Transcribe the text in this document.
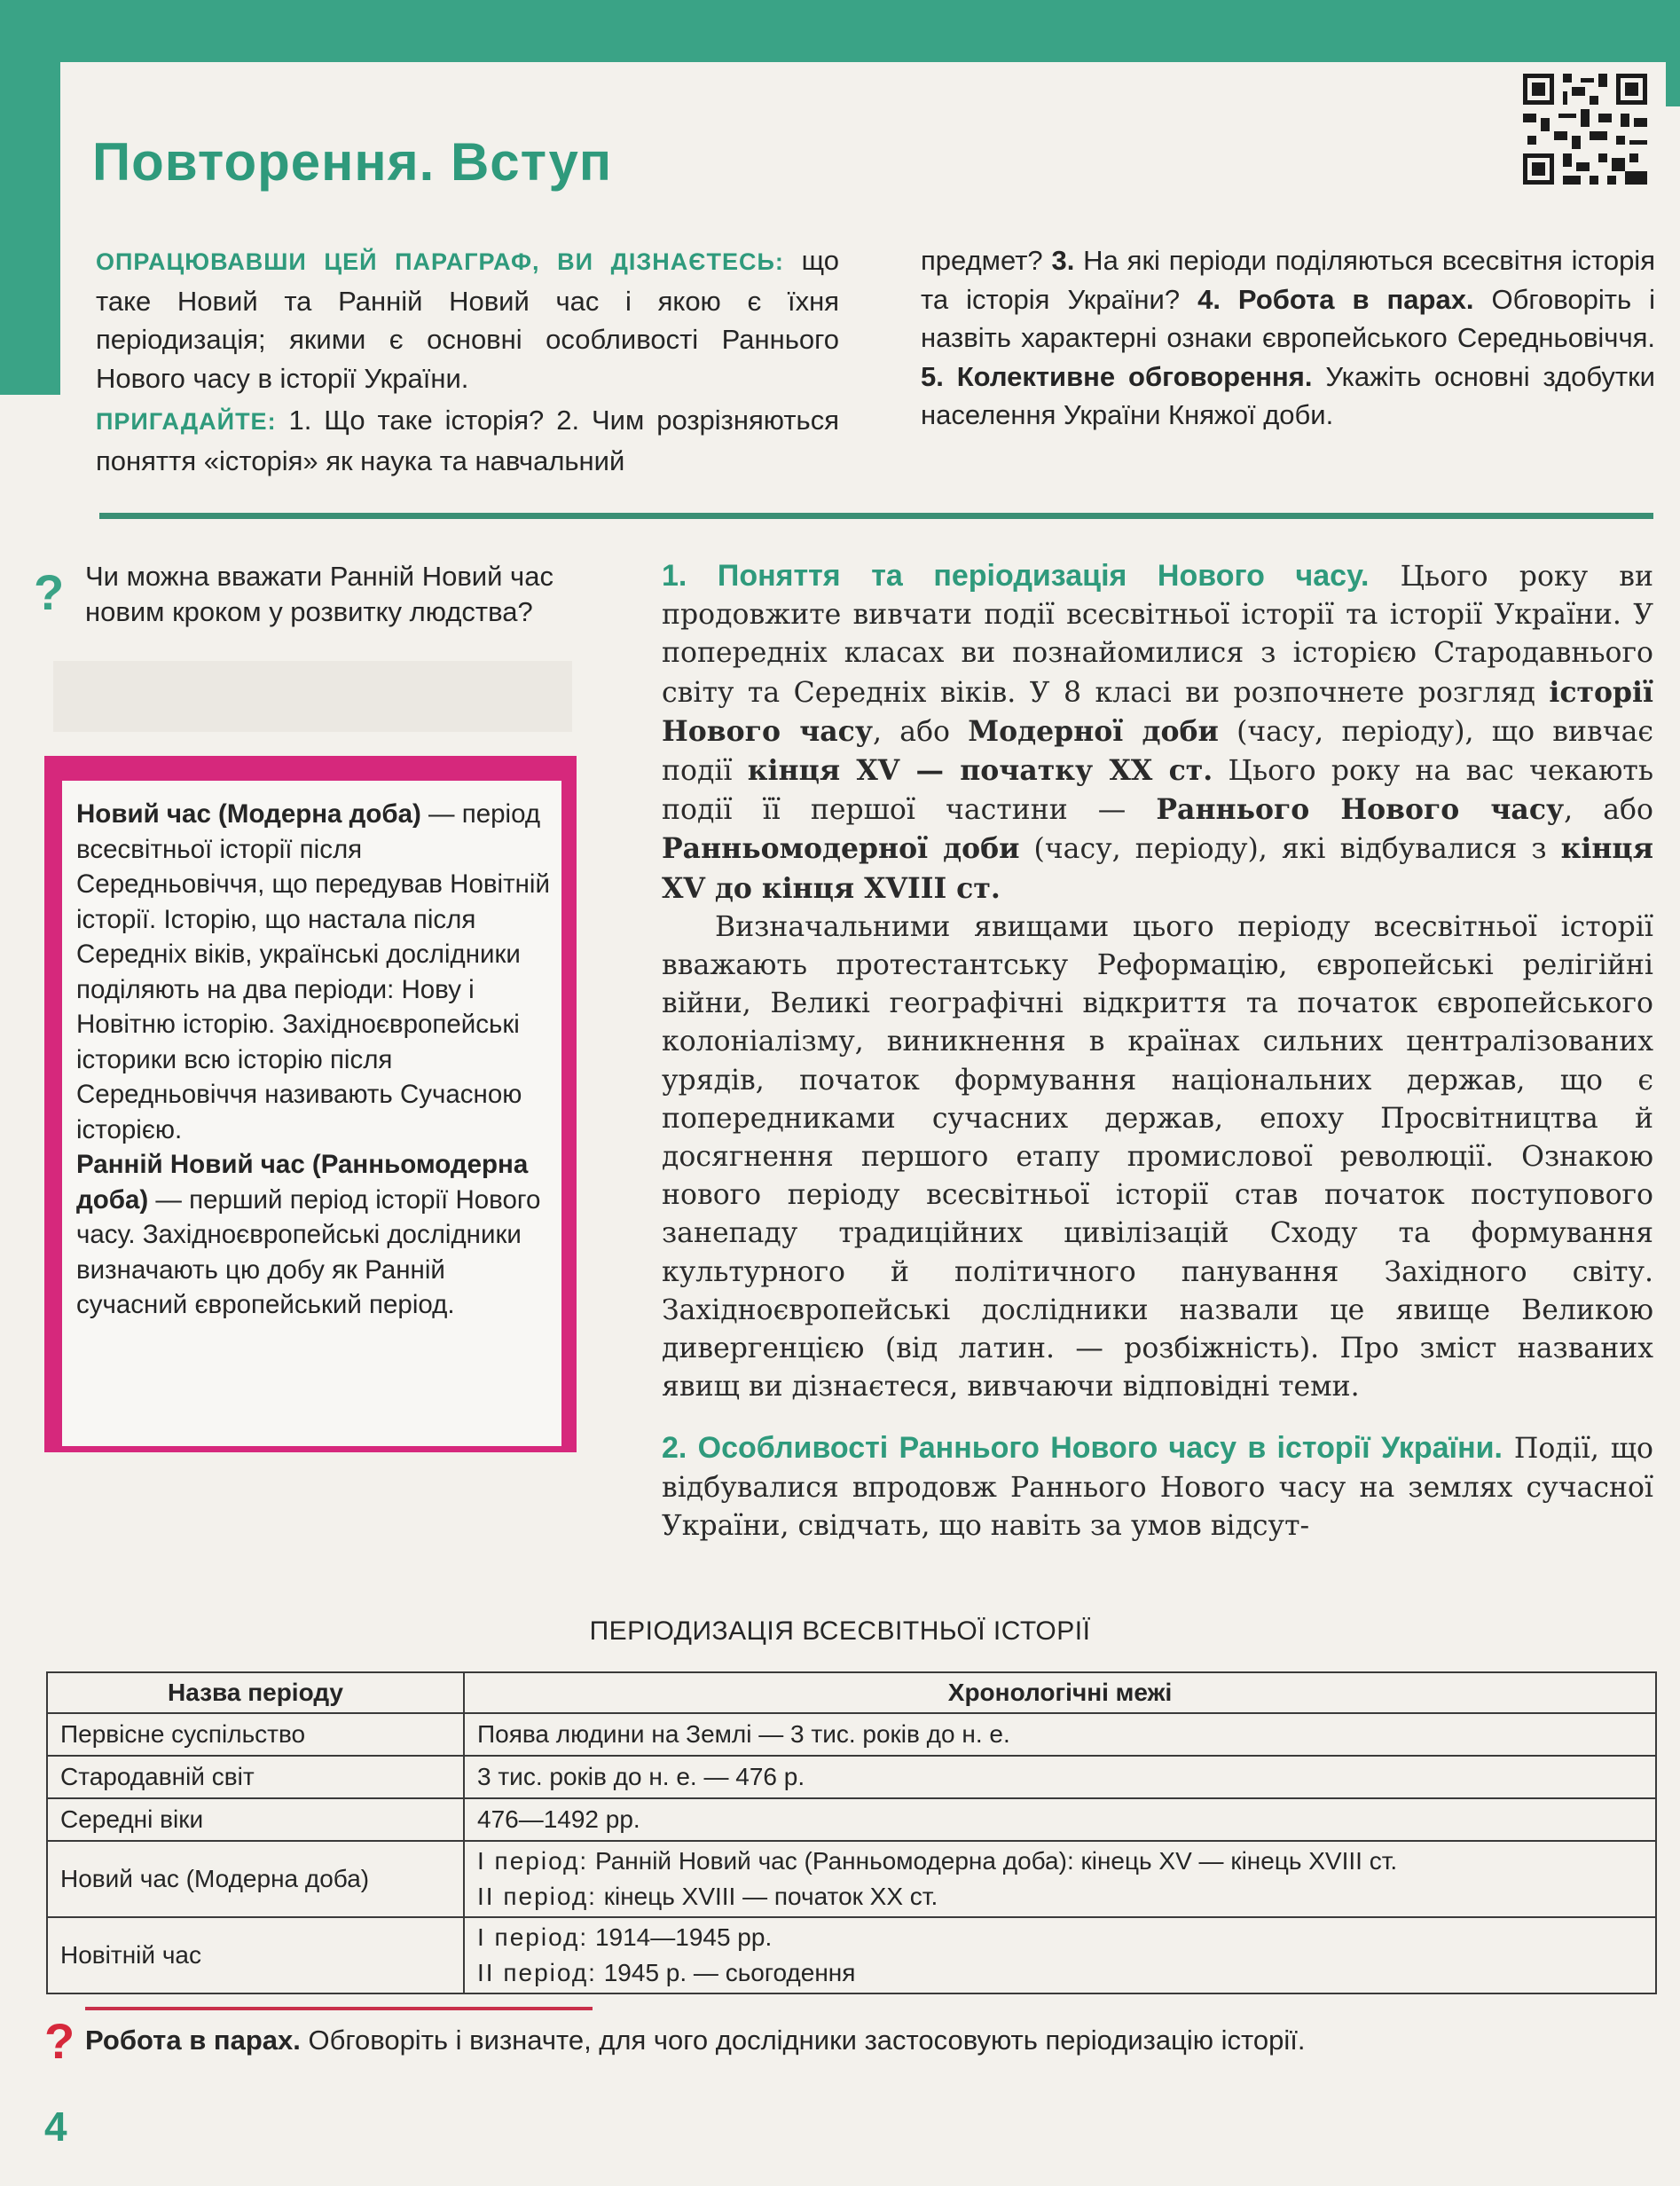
Повторення. Вступ

ОПРАЦЮВАВШИ ЦЕЙ ПАРАГРАФ, ВИ ДІЗНАЄТЕСЬ: що таке Новий та Ранній Новий час і якою є їхня періодизація; якими є основні особливості Раннього Нового часу в історії України.

ПРИГАДАЙТЕ: 1. Що таке історія? 2. Чим розрізняються поняття «історія» як наука та навчальний

предмет? 3. На які періоди поділяються всесвітня історія та історія України? 4. Робота в парах. Обговоріть і назвіть характерні ознаки європейського Середньовіччя. 5. Колективне обговорення. Укажіть основні здобутки населення України Княжої доби.

? Чи можна вважати Ранній Новий час новим кроком у розвитку людства?

Новий час (Модерна доба) — період всесвітньої історії після Середньовіччя, що передував Новітній історії. Історію, що настала після Середніх віків, українські дослідники поділяють на два періоди: Нову і Новітню історію. Західноєвропейські історики всю історію після Середньовіччя називають Сучасною історією.

Ранній Новий час (Ранньомодерна доба) — перший період історії Нового часу. Західноєвропейські дослідники визначають цю добу як Ранній сучасний європейський період.

1. Поняття та періодизація Нового часу. Цього року ви продовжите вивчати події всесвітньої історії та історії України. У попередніх класах ви познайомилися з історією Стародавнього світу та Середніх віків. У 8 класі ви розпочнете розгляд історії Нового часу, або Модерної доби (часу, періоду), що вивчає події кінця XV — початку XX ст. Цього року на вас чекають події її першої частини — Раннього Нового часу, або Ранньомодерної доби (часу, періоду), які відбувалися з кінця XV до кінця XVIII ст.

Визначальними явищами цього періоду всесвітньої історії вважають протестантську Реформацію, європейські релігійні війни, Великі географічні відкриття та початок європейського колоніалізму, виникнення в країнах сильних централізованих урядів, початок формування національних держав, що є попередниками сучасних держав, епоху Просвітництва й досягнення першого етапу промислової революції. Ознакою нового періоду всесвітньої історії став початок поступового занепаду традиційних цивілізацій Сходу та формування культурного й політичного панування Західного світу. Західноєвропейські дослідники назвали це явище Великою дивергенцією (від латин. — розбіжність). Про зміст названих явищ ви дізнаєтеся, вивчаючи відповідні теми.

2. Особливості Раннього Нового часу в історії України. Події, що відбувалися впродовж Раннього Нового часу на землях сучасної України, свідчать, що навіть за умов відсут-

ПЕРІОДИЗАЦІЯ ВСЕСВІТНЬОЇ ІСТОРІЇ
Назва періоду	Хронологічні межі
Первісне суспільство	Поява людини на Землі — 3 тис. років до н. е.
Стародавній світ	3 тис. років до н. е. — 476 р.
Середні віки	476—1492 рр.
Новий час (Модерна доба)	I період: Ранній Новий час (Ранньомодерна доба): кінець XV — кінець XVIII ст.
II період: кінець XVIII — початок XX ст.

Новітній час	I період: 1914—1945 рр.
II період: 1945 р. — сьогодення
? Робота в парах. Обговоріть і визначте, для чого дослідники застосовують періодизацію історії.
4
